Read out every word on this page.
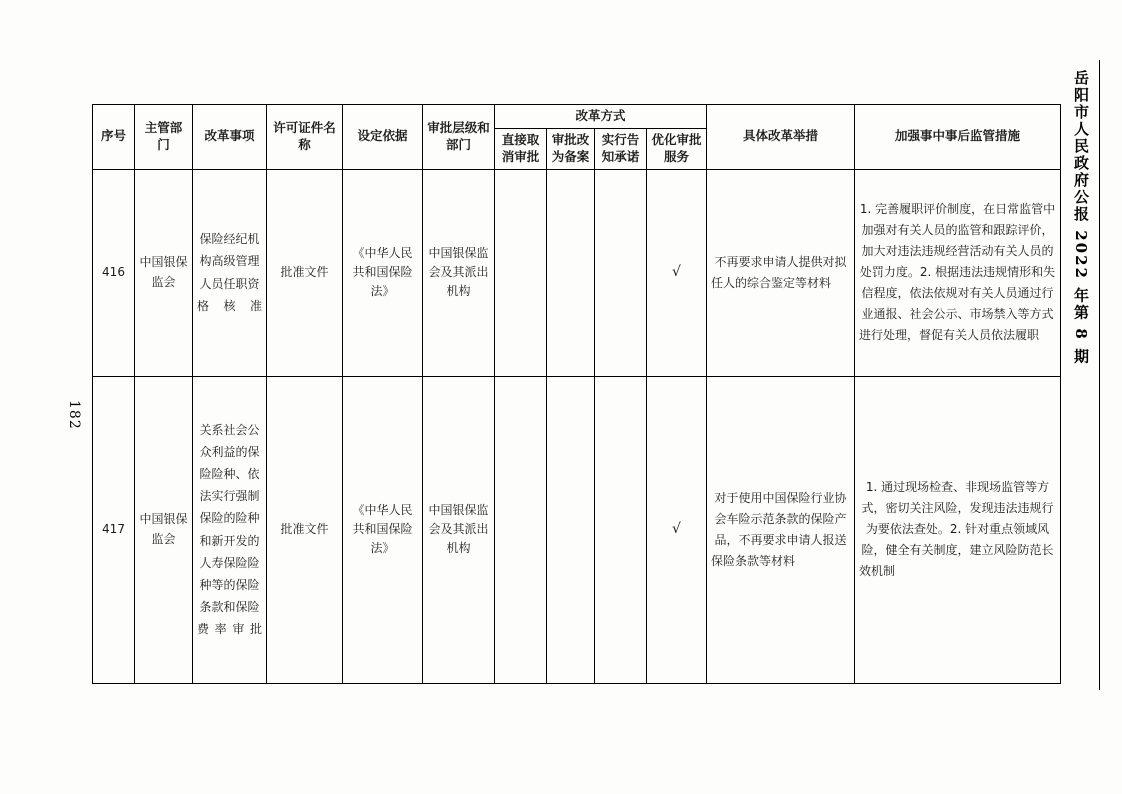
岳阳市人民政府公报 2022 年第 8 期
182
序号	主管部门	改革事项	许可证件名称	设定依据	审批层级和部门	改革方式				具体改革举措	加强事中事后监管措施
						直接取消审批	审批改为备案	实行告知承诺	优化审批服务		
416	中国银保监会	保险经纪机构高级管理人员任职资格核准	批准文件	《中华人民共和国保险法》	中国银保监会及其派出机构				√	不再要求申请人提供对拟任人的综合鉴定等材料	1. 完善履职评价制度，在日常监管中加强对有关人员的监管和跟踪评价，加大对违法违规经营活动有关人员的处罚力度。2. 根据违法违规情形和失信程度，依法依规对有关人员通过行业通报、社会公示、市场禁入等方式进行处理，督促有关人员依法履职
417	中国银保监会	关系社会公众利益的保险险种、依法实行强制保险的险种和新开发的人寿保险险种等的保险条款和保险费率审批	批准文件	《中华人民共和国保险法》	中国银保监会及其派出机构				√	对于使用中国保险行业协会车险示范条款的保险产品，不再要求申请人报送保险条款等材料	1. 通过现场检查、非现场监管等方式，密切关注风险，发现违法违规行为要依法查处。2. 针对重点领域风险，健全有关制度，建立风险防范长效机制
